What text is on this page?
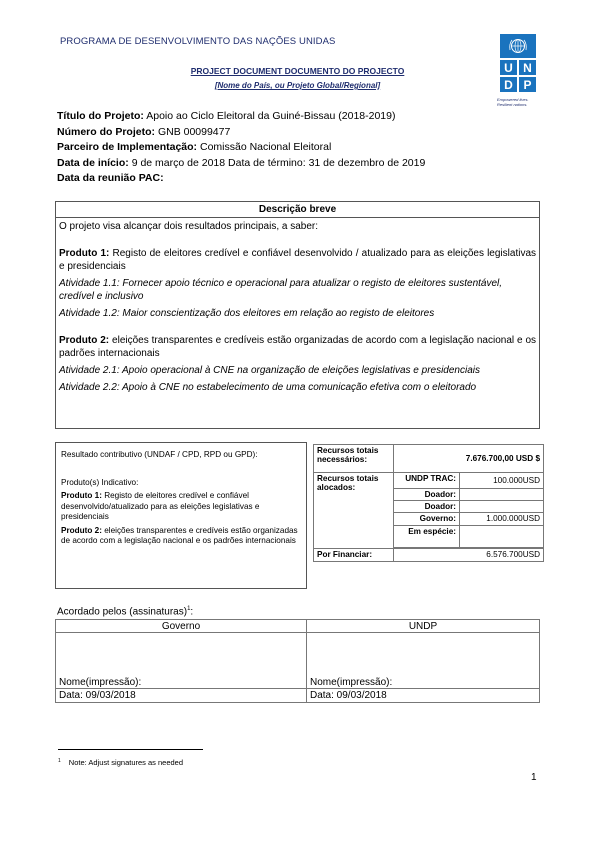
PROGRAMA DE DESENVOLVIMENTO DAS NAÇÕES UNIDAS
U N
D P
Empowered lives. Resilient nations.
PROJECT DOCUMENT DOCUMENTO DO PROJECTO
[Nome do País, ou Projeto Global/Regional]
Título do Projeto: Apoio ao Ciclo Eleitoral da Guiné-Bissau (2018-2019)
Número do Projeto: GNB 00099477
Parceiro de Implementação: Comissão Nacional Eleitoral
Data de início: 9 de março de 2018 Data de término: 31 de dezembro de 2019
Data da reunião PAC:
Descrição breve

O projeto visa alcançar dois resultados principais, a saber:

Produto 1: Registo de eleitores credível e confiável desenvolvido / atualizado para as eleições legislativas e presidenciais

Atividade 1.1: Fornecer apoio técnico e operacional para atualizar o registo de eleitores sustentável, credível e inclusivo

Atividade 1.2: Maior conscientização dos eleitores em relação ao registo de eleitores

Produto 2: eleições transparentes e credíveis estão organizadas de acordo com a legislação nacional e os padrões internacionais

Atividade 2.1: Apoio operacional à CNE na organização de eleições legislativas e presidenciais

Atividade 2.2: Apoio à CNE no estabelecimento de uma comunicação efetiva com o eleitorado

Resultado contributivo (UNDAF / CPD, RPD ou GPD):

Produto(s) Indicativo:

Produto 1: Registo de eleitores credível e confiável desenvolvido/atualizado para as eleições legislativas e presidenciais

Produto 2: eleições transparentes e credíveis estão organizadas de acordo com a legislação nacional e os padrões internacionais

Recursos totais necessários:	7.676.700,00 USD $	
Recursos totais alocados:	UNDP TRAC:	100.000USD
	Doador:	
	Doador:	
	Governo:	1.000.000USD
	Em espécie:	

Por Financiar:	6.576.700USD	
Acordado pelos (assinaturas)$^1$:
Governo	UNDP
Nome(impressão):	Nome(impressão):
Data: 09/03/2018	Data: 09/03/2018
$^1$ Note: Adjust signatures as needed
1
